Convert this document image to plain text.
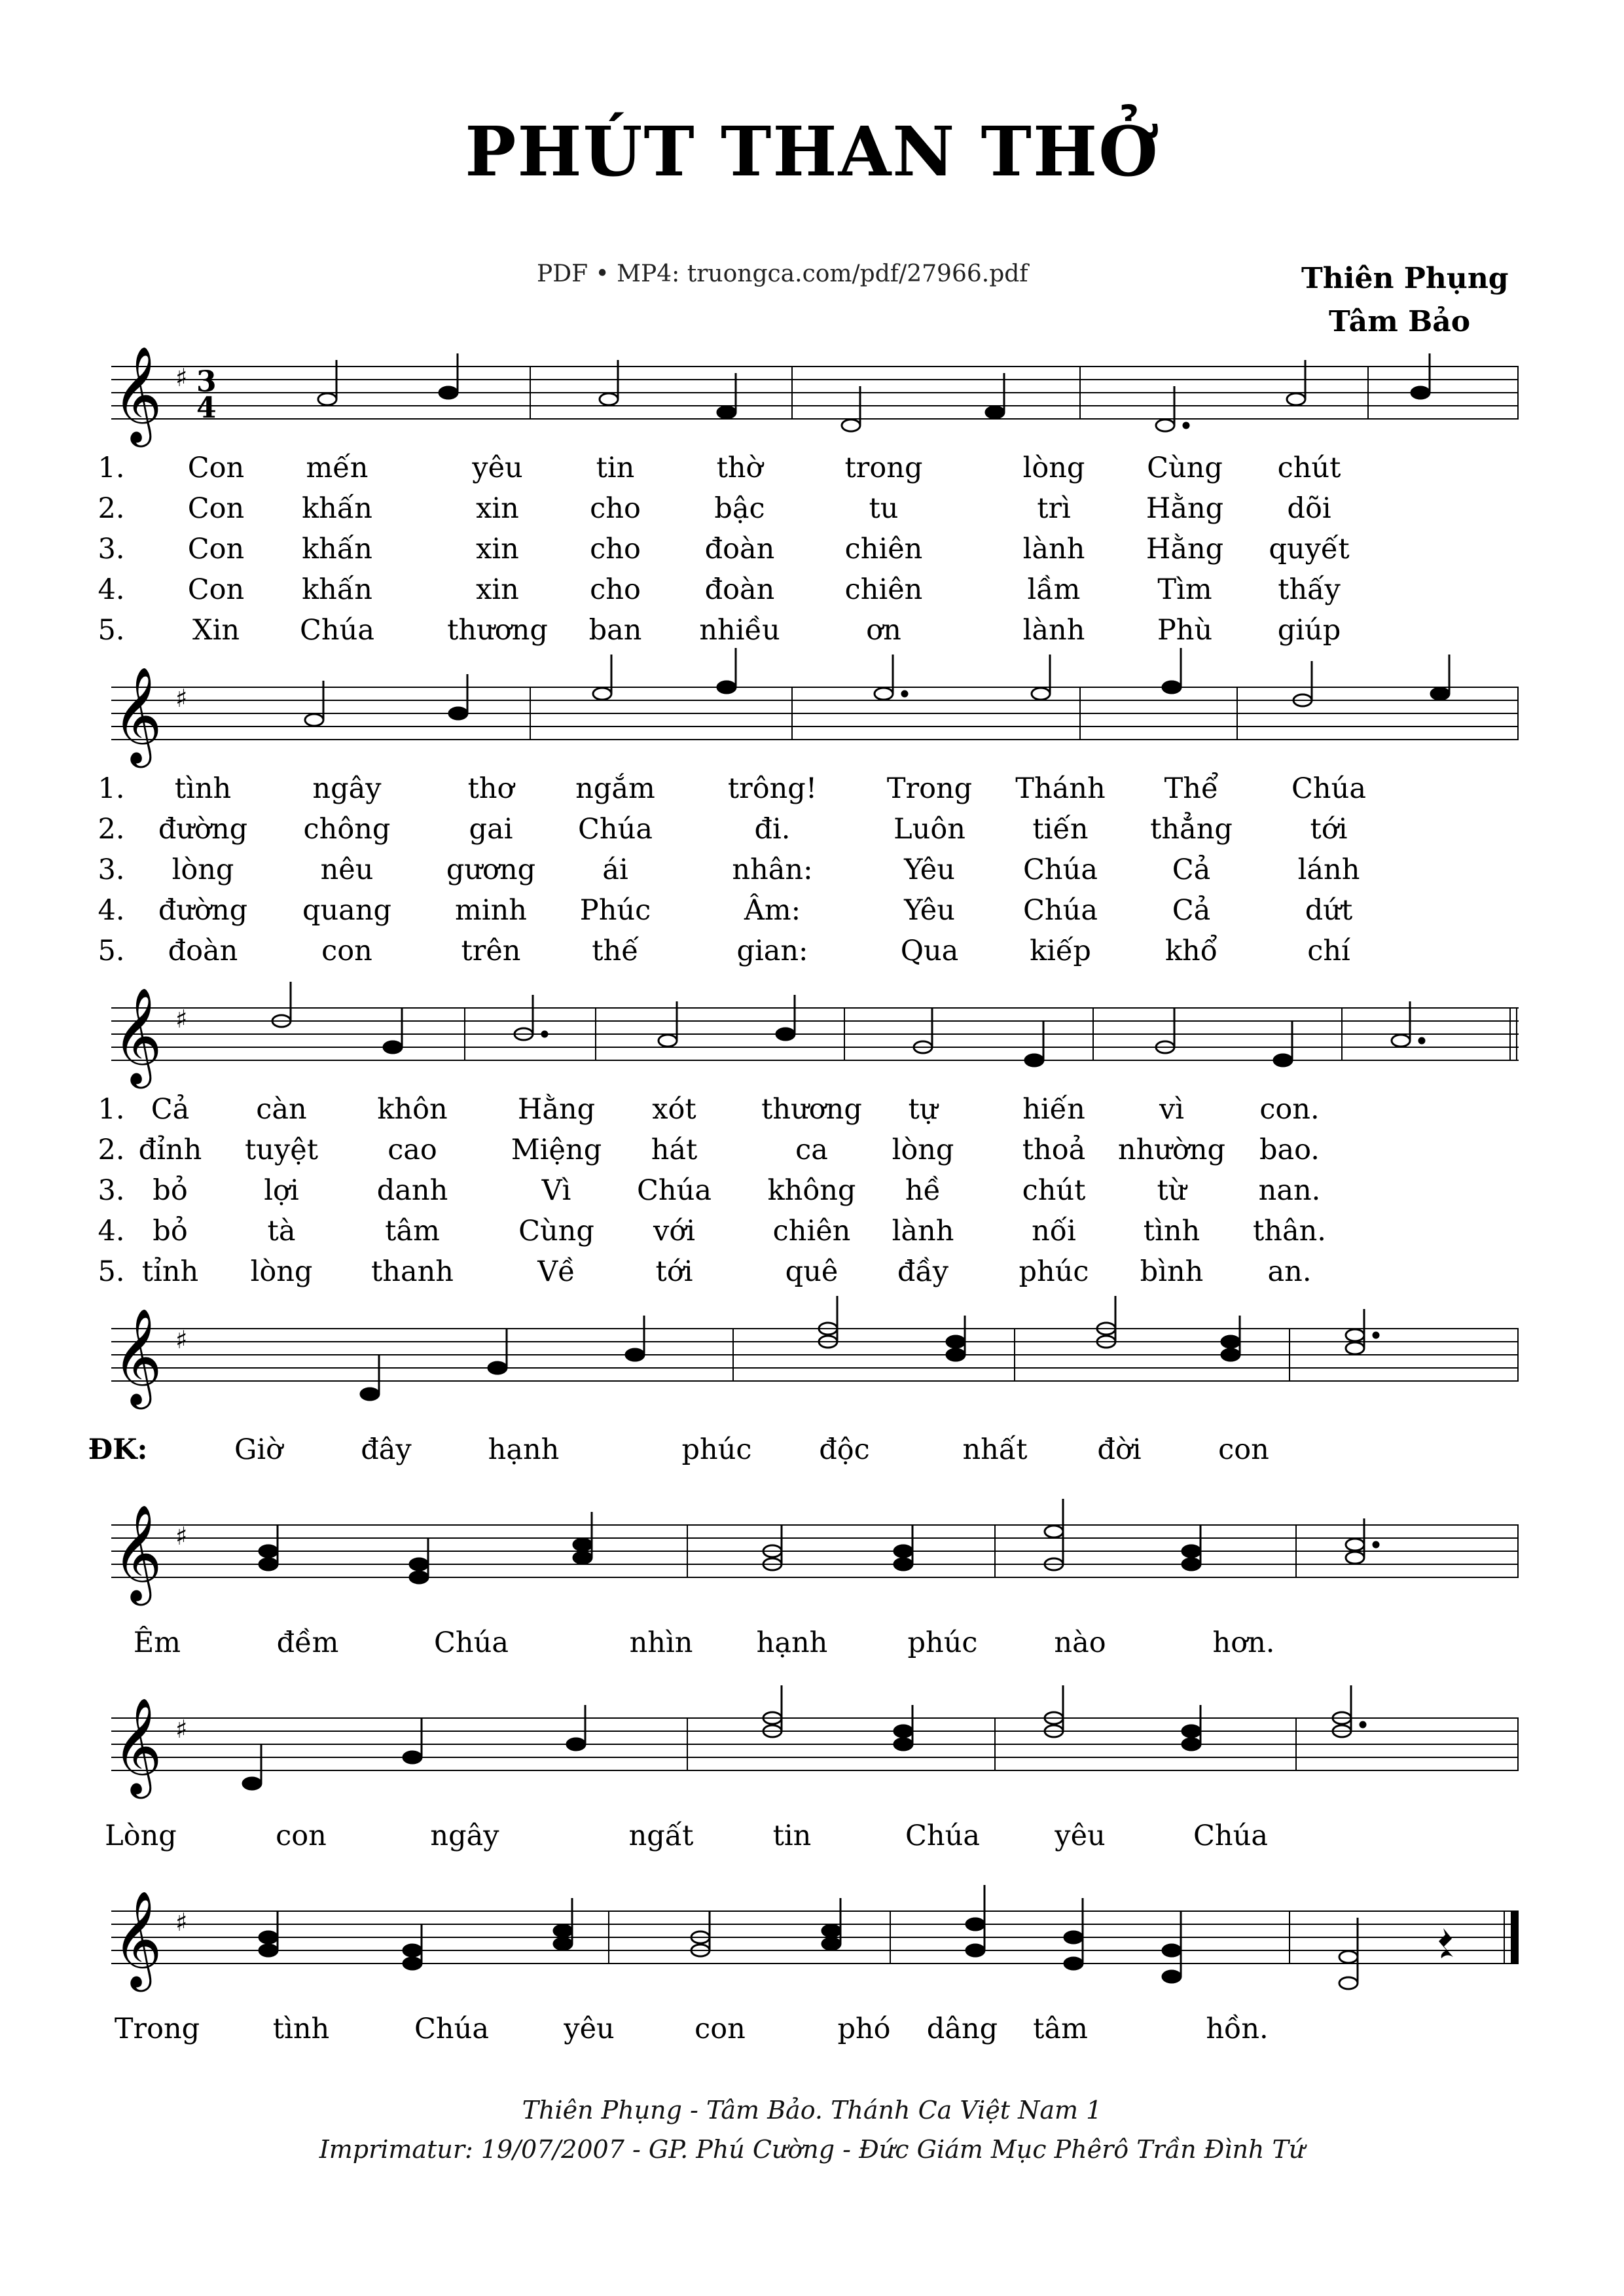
PHÚT THAN THỞ
PDF • MP4: truongca.com/pdf/27966.pdf	Thiên Phụng
Tâm Bảo
𝄞 ♯ 3
4
𝄞 ♯
𝄞 ♯
𝄞 ♯
𝄞 ♯
𝄞 ♯
𝄞 ♯
1. Con mến	yêu	tin	thờ	trong	lòng Cùng chút
2. Con khấn	xin	cho	bậc	tu	trì	Hằng dõi
3. Con khấn	xin	cho đoàn chiên	lành Hằng quyết
4. Con khấn	xin	cho đoàn chiên	lầm	Tìm thấy
5. Xin Chúa	thương ban nhiều	ơn	lành	Phù giúp
1. tình	ngây	thơ ngắm	trông! Trong Thánh Thể	Chúa
2. đường chông	gai Chúa	đi.	Luôn tiến thẳng	tới
3. lòng	nêu	gương ái	nhân:	Yêu Chúa	Cả	lánh
4. đường quang minh Phúc	Âm:	Yêu Chúa	Cả	dứt
5. đoàn	con	trên	thế	gian:	Qua	kiếp	khổ	chí
1. Cả càn	khôn Hằng xót thương tự	hiến	vì	con.
2. đỉnh tuyệt cao	Miệng hát	ca lòng thoả nhường bao.
3. bỏ	lợi	danh	Vì Chúa không hề	chút	từ	nan.
4. bỏ	tà	tâm	Cùng với	chiên lành	nối tình thân.
5. tỉnh lòng thanh	Về	tới	quê đầy phúc bình an.
ĐK:	Giờ	đây	hạnh	phúc độc	nhất đời	con
Êm	đềm	Chúa	nhìn hạnh	phúc	nào	hơn.
Lòng	con	ngây	ngất	tin	Chúa	yêu	Chúa
Trong	tình	Chúa	yêu	con	phó dâng tâm	hồn.
Thiên Phụng - Tâm Bảo. Thánh Ca Việt Nam 1
Imprimatur: 19/07/2007 - GP. Phú Cường - Đức Giám Mục Phêrô Trần Đình Tứ
